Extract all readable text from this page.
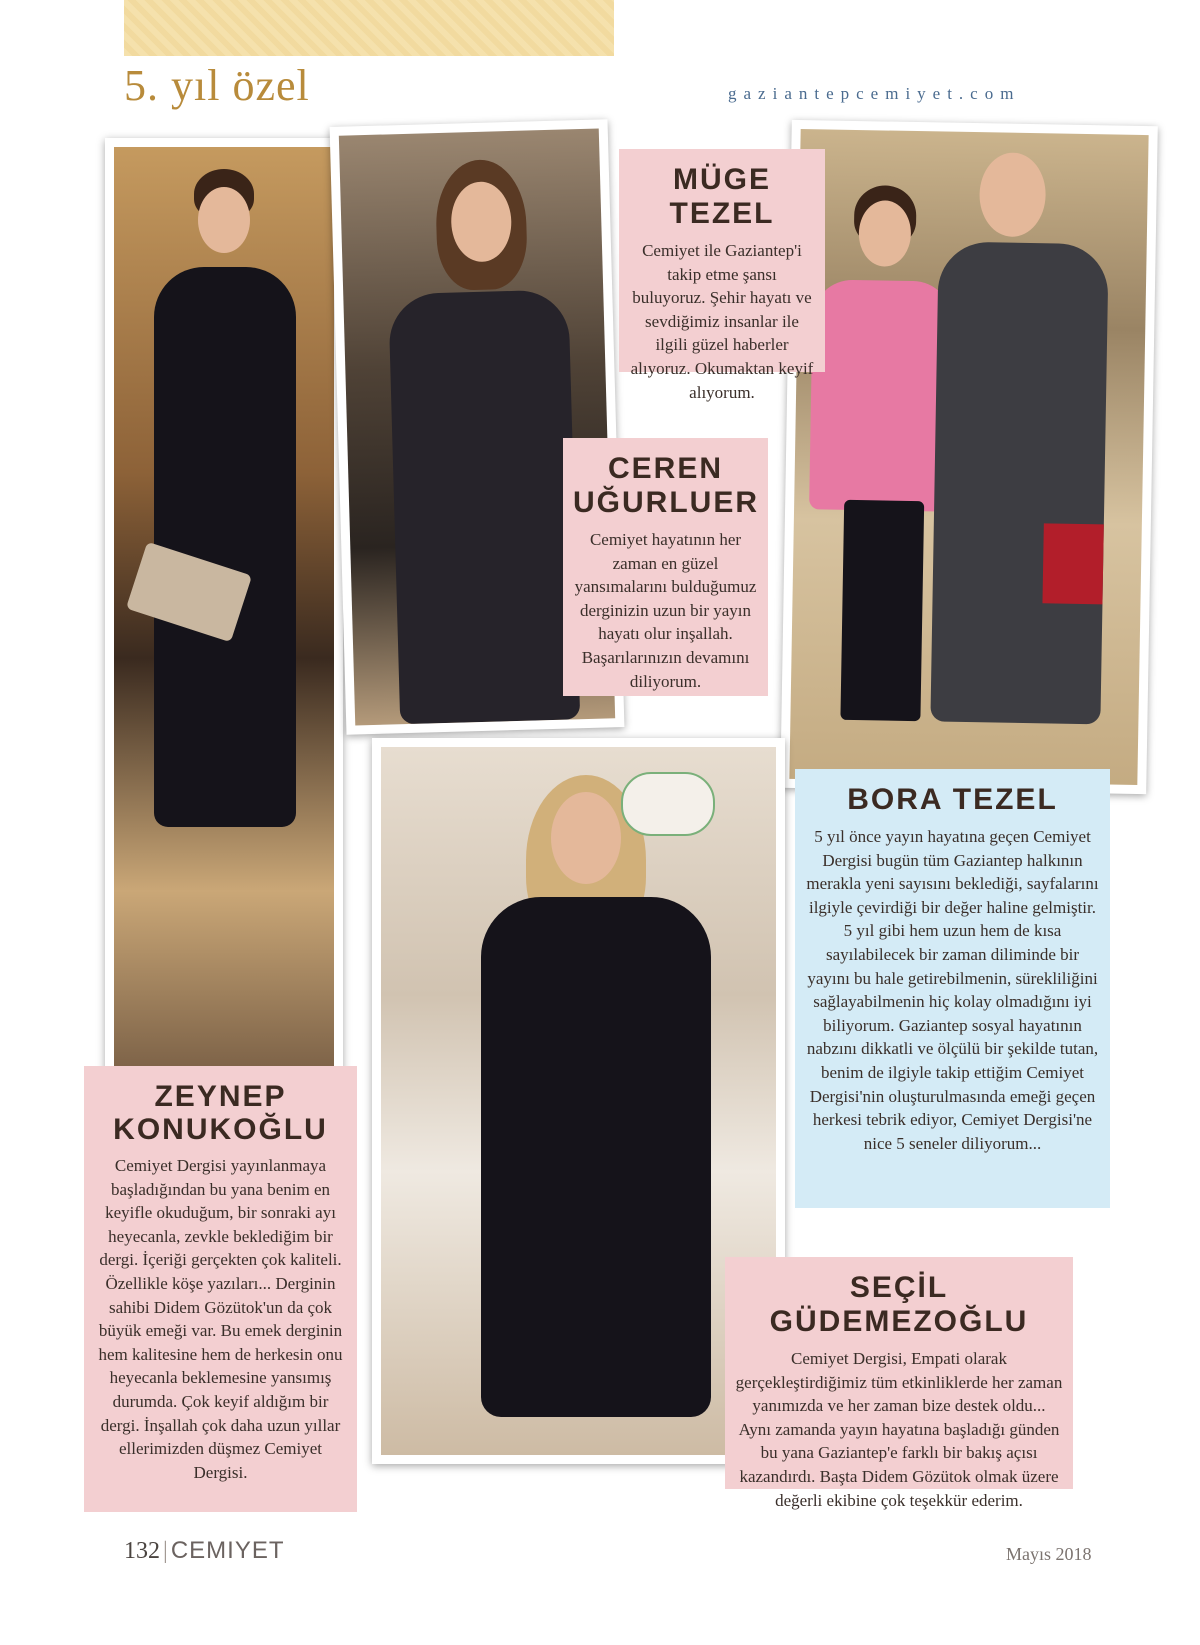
5. yıl özel	gaziantepcemiyet.com
MÜGE TEZEL

Cemiyet ile Gaziantep'i takip etme şansı buluyoruz. Şehir hayatı ve sevdiğimiz insanlar ile ilgili güzel haberler alıyoruz. Okumaktan keyif alıyorum.

CEREN UĞURLUER

Cemiyet hayatının her zaman en güzel yansımalarını bulduğumuz derginizin uzun bir yayın hayatı olur inşallah. Başarılarınızın devamını diliyorum.

BORA TEZEL

5 yıl önce yayın hayatına geçen Cemiyet Dergisi bugün tüm Gaziantep halkının merakla yeni sayısını beklediği, sayfalarını ilgiyle çevirdiği bir değer haline gelmiştir. 5 yıl gibi hem uzun hem de kısa sayılabilecek bir zaman diliminde bir yayını bu hale getirebilmenin, sürekliliğini sağlayabilmenin hiç kolay olmadığını iyi biliyorum. Gaziantep sosyal hayatının nabzını dikkatli ve ölçülü bir şekilde tutan, benim de ilgiyle takip ettiğim Cemiyet Dergisi'nin oluşturulmasında emeği geçen herkesi tebrik ediyor, Cemiyet Dergisi'ne nice 5 seneler diliyorum...

ZEYNEP KONUKOĞLU

Cemiyet Dergisi yayınlanmaya başladığından bu yana benim en keyifle okuduğum, bir sonraki ayı heyecanla, zevkle beklediğim bir dergi. İçeriği gerçekten çok kaliteli. Özellikle köşe yazıları... Derginin sahibi Didem Gözütok'un da çok büyük emeği var. Bu emek derginin hem kalitesine hem de herkesin onu heyecanla beklemesine yansımış durumda. Çok keyif aldığım bir dergi. İnşallah çok daha uzun yıllar ellerimizden düşmez Cemiyet Dergisi.

SEÇİL GÜDEMEZOĞLU

Cemiyet Dergisi, Empati olarak gerçekleştirdiğimiz tüm etkinliklerde her zaman yanımızda ve her zaman bize destek oldu... Aynı zamanda yayın hayatına başladığı günden bu yana Gaziantep'e farklı bir bakış açısı kazandırdı. Başta Didem Gözütok olmak üzere değerli ekibine çok teşekkür ederim.

132 | CEMIYET	Mayıs 2018
